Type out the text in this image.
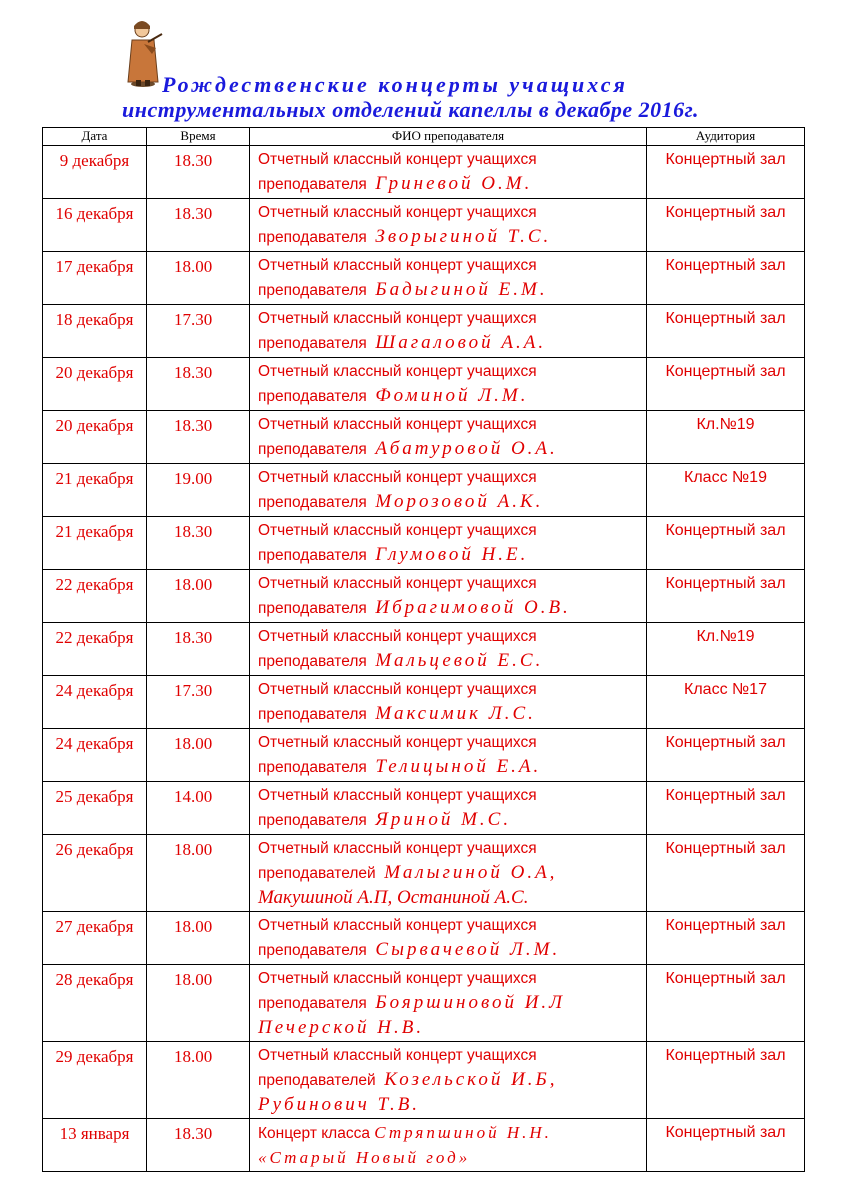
Рождественские концерты учащихся
инструментальных отделений капеллы в декабре 2016г.
Дата	Время	ФИО преподавателя	Аудитория
9 декабря	18.30	Отчетный классный концерт учащихся
преподавателя Гриневой О.М.	Концертный зал
16 декабря	18.30	Отчетный классный концерт учащихся
преподавателя Зворыгиной Т.С.	Концертный зал
17 декабря	18.00	Отчетный классный концерт учащихся
преподавателя Бадыгиной Е.М.	Концертный зал
18 декабря	17.30	Отчетный классный концерт учащихся
преподавателя Шагаловой А.А.	Концертный зал
20 декабря	18.30	Отчетный классный концерт учащихся
преподавателя Фоминой Л.М.	Концертный зал
20 декабря	18.30	Отчетный классный концерт учащихся
преподавателя Абатуровой О.А.	Кл.№19
21 декабря	19.00	Отчетный классный концерт учащихся
преподавателя Морозовой А.К.	Класс №19
21 декабря	18.30	Отчетный классный концерт учащихся
преподавателя Глумовой Н.Е.	Концертный зал
22 декабря	18.00	Отчетный классный концерт учащихся
преподавателя Ибрагимовой О.В.	Концертный зал
22 декабря	18.30	Отчетный классный концерт учащихся
преподавателя Мальцевой Е.С.	Кл.№19
24 декабря	17.30	Отчетный классный концерт учащихся
преподавателя Максимик Л.С.	Класс №17
24 декабря	18.00	Отчетный классный концерт учащихся
преподавателя Телицыной Е.А.	Концертный зал
25 декабря	14.00	Отчетный классный концерт учащихся
преподавателя Яриной М.С.	Концертный зал
26 декабря	18.00	Отчетный классный концерт учащихся
преподавателей Малыгиной О.А,
Макушиной А.П, Останиной А.С.	Концертный зал
27 декабря	18.00	Отчетный классный концерт учащихся
преподавателя Сырвачевой Л.М.	Концертный зал
28 декабря	18.00	Отчетный классный концерт учащихся
преподавателя Бояршиновой И.Л
Печерской Н.В.	Концертный зал
29 декабря	18.00	Отчетный классный концерт учащихся
преподавателей Козельской И.Б,
Рубинович Т.В.	Концертный зал
13 января	18.30	Концерт класса Стряпшиной Н.Н.
«Старый Новый год»	Концертный зал
